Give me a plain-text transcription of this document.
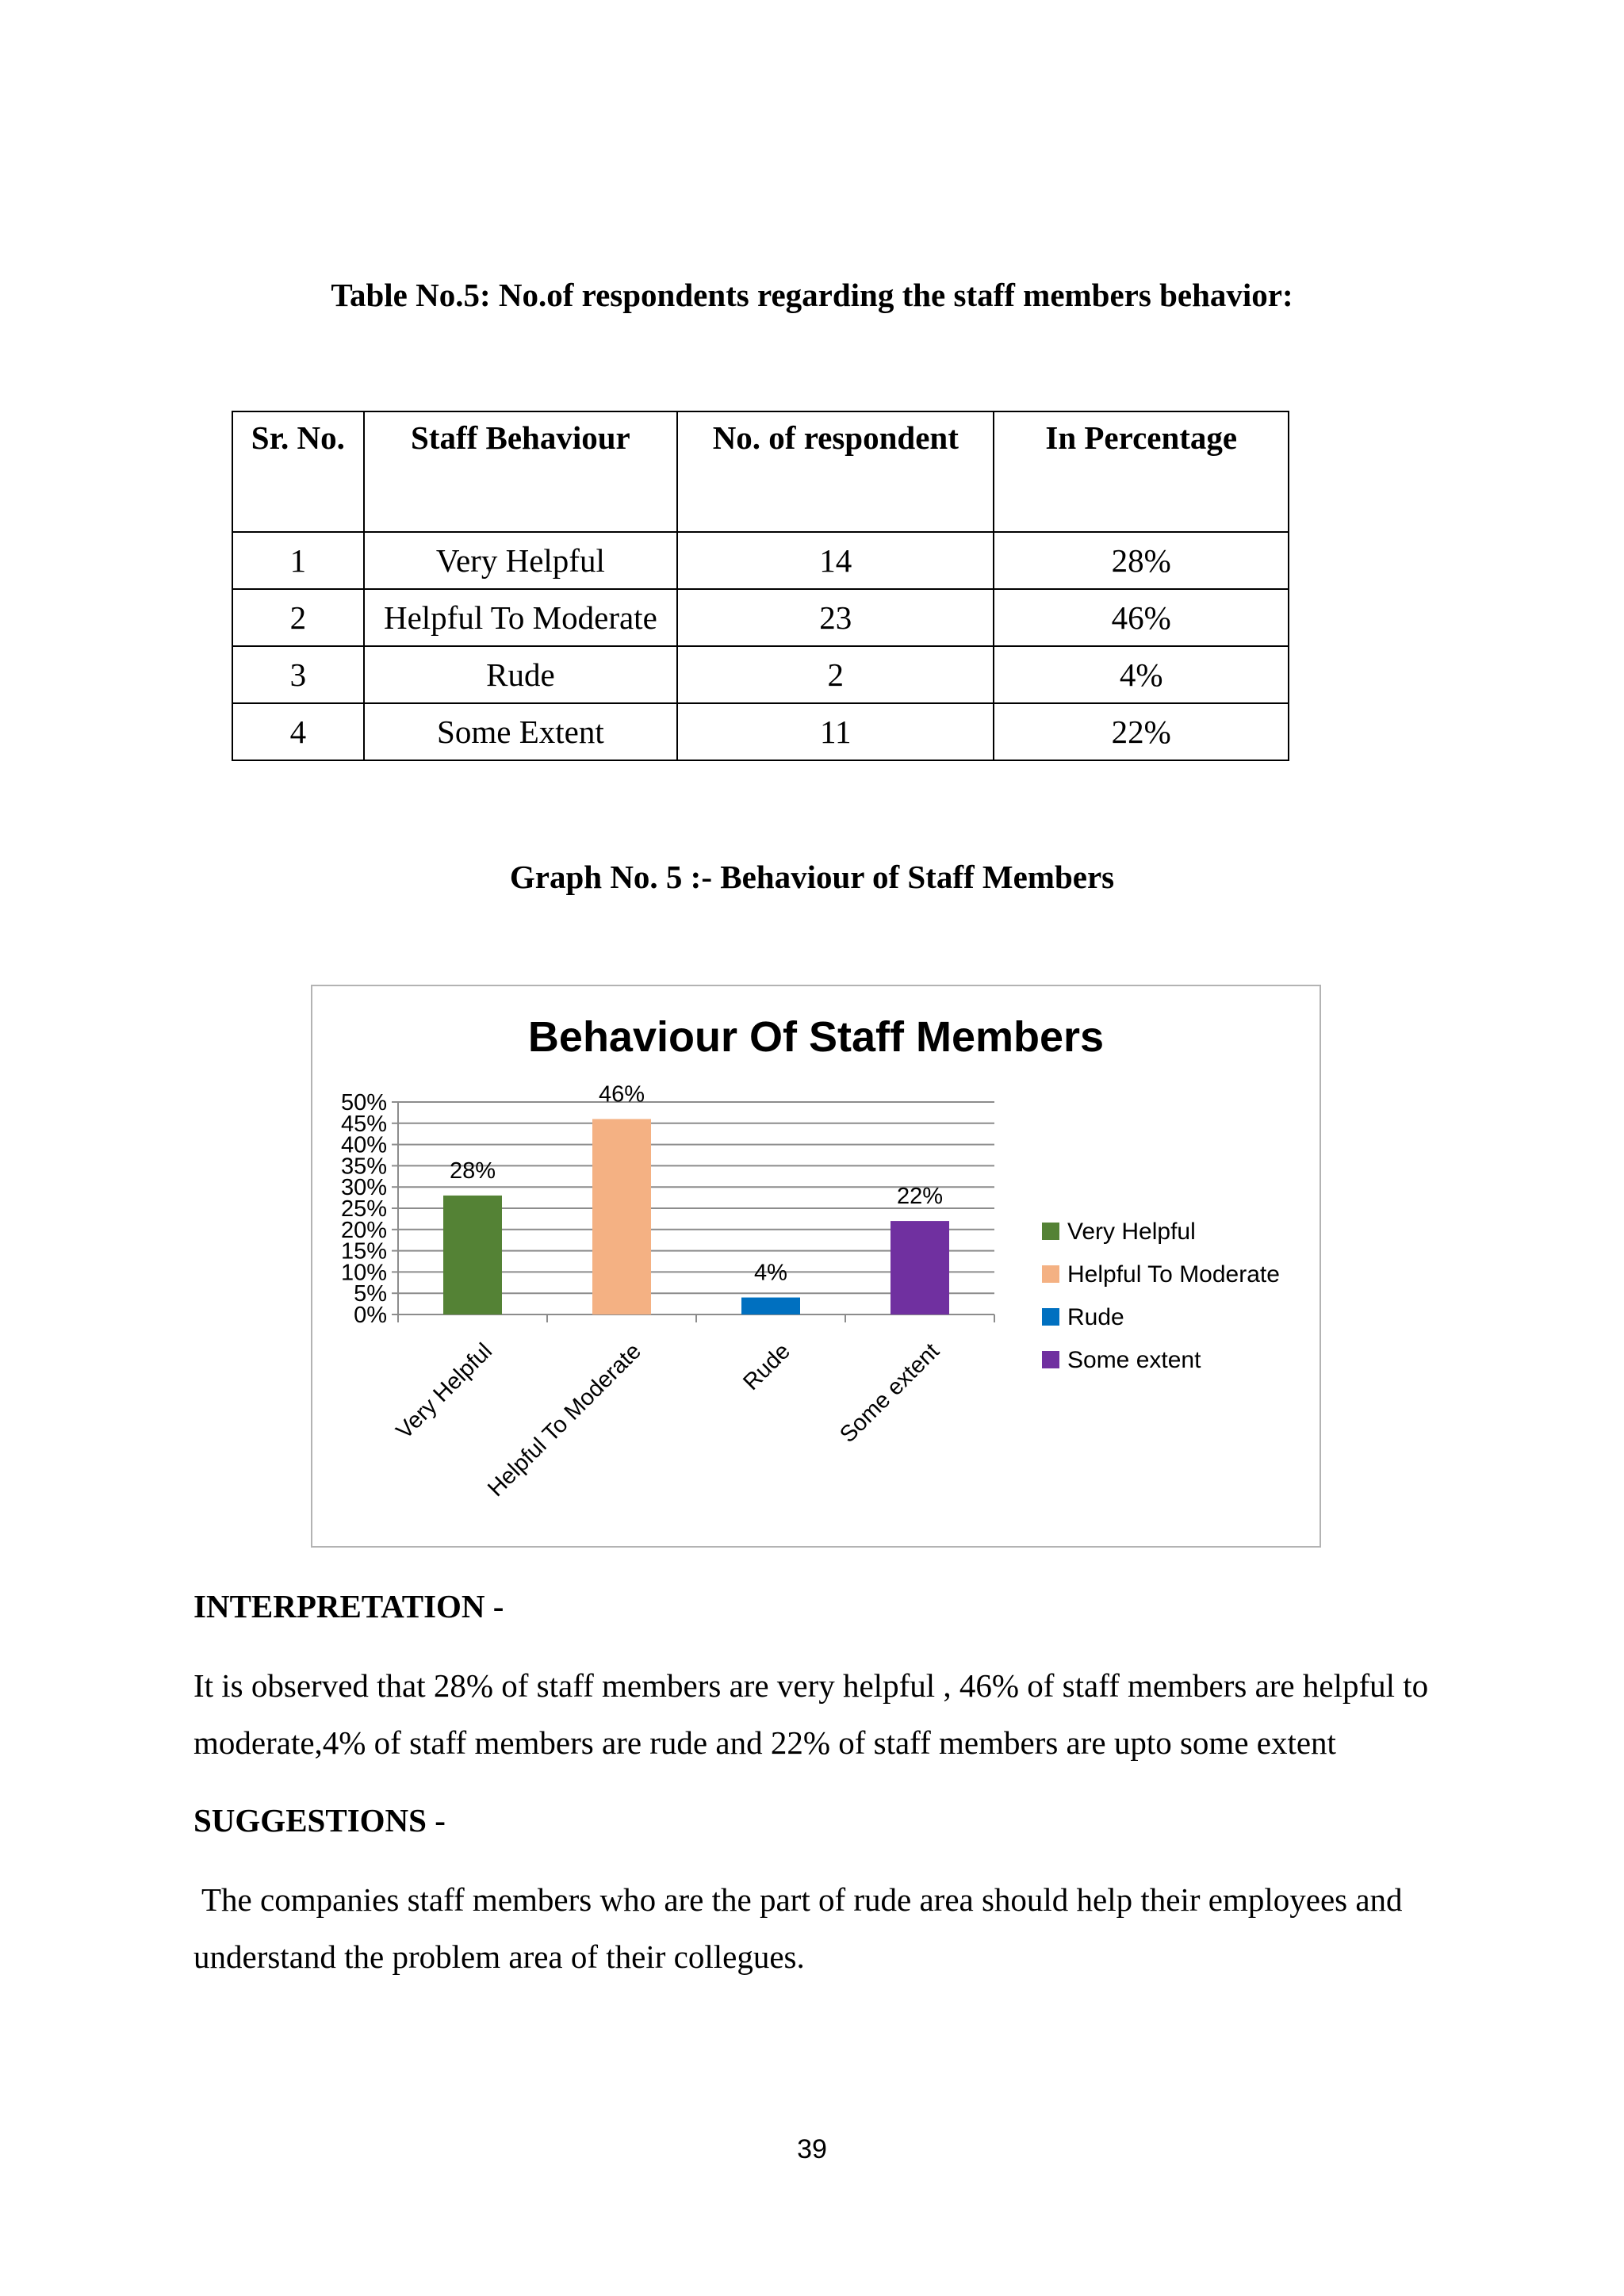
Table No.5: No.of respondents regarding the staff members behavior:
Sr. No.	Staff Behaviour	No. of respondent	In Percentage
1	Very Helpful	14	28%
2	Helpful To Moderate	23	46%
3	Rude	2	4%
4	Some Extent	11	22%
Graph No. 5 :- Behaviour of Staff Members
Behaviour Of Staff Members
0%
5%
10%
15%
20%
25%
30%
35%
40%
45%
50%
28%
Very Helpful
46%
Helpful To Moderate
4%
Rude
22%
Some extent
Very Helpful
Helpful To Moderate
Rude
Some extent
INTERPRETATION -
It is observed that 28% of staff members are very helpful , 46% of staff members are helpful to moderate,4% of staff members are rude and 22% of staff members are upto some extent
SUGGESTIONS -
The companies staff members who are the part of rude area should help their employees and understand the problem area of their collegues.
39
